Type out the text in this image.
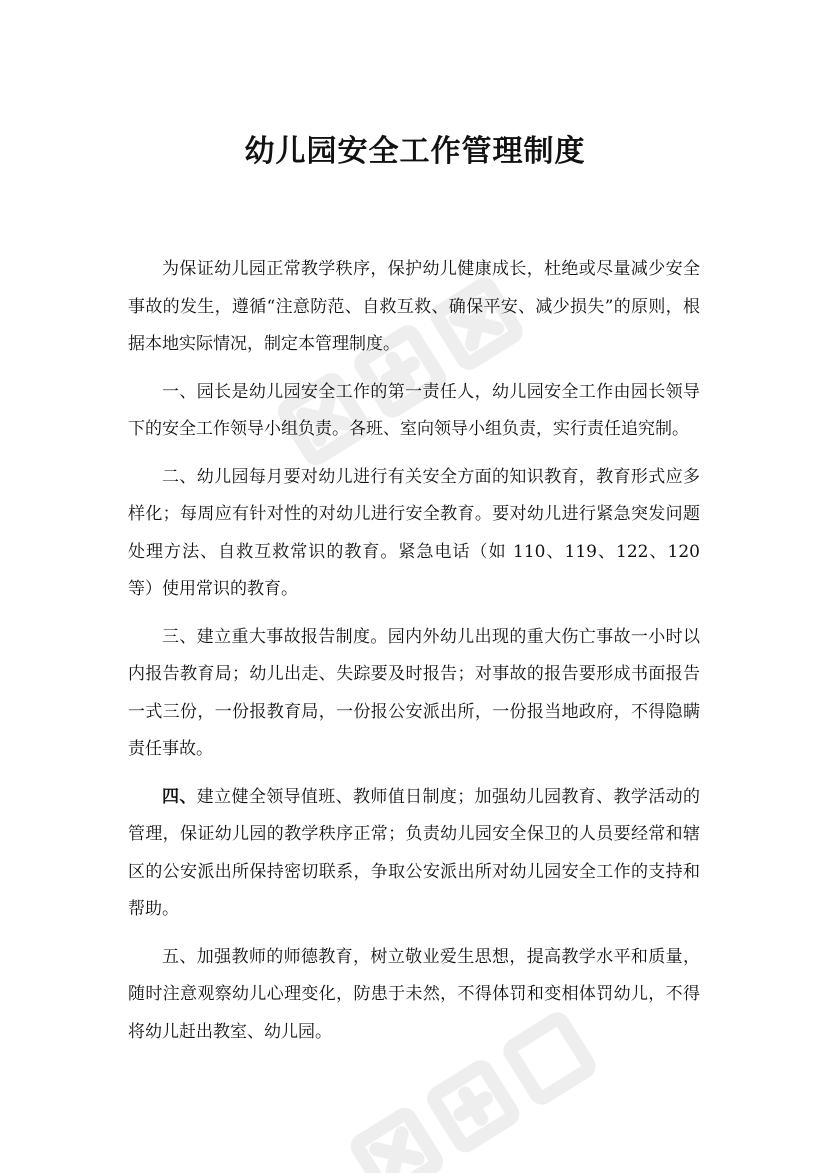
幼儿园安全工作管理制度

为保证幼儿园正常教学秩序，保护幼儿健康成长，杜绝或尽量减少安全事故的发生，遵循“注意防范、自救互救、确保平安、减少损失”的原则，根据本地实际情况，制定本管理制度。

一、园长是幼儿园安全工作的第一责任人，幼儿园安全工作由园长领导下的安全工作领导小组负责。各班、室向领导小组负责，实行责任追究制。

二、幼儿园每月要对幼儿进行有关安全方面的知识教育，教育形式应多样化；每周应有针对性的对幼儿进行安全教育。要对幼儿进行紧急突发问题处理方法、自救互救常识的教育。紧急电话（如 110、119、122、120 等）使用常识的教育。

三、建立重大事故报告制度。园内外幼儿出现的重大伤亡事故一小时以内报告教育局；幼儿出走、失踪要及时报告；对事故的报告要形成书面报告一式三份，一份报教育局，一份报公安派出所，一份报当地政府，不得隐瞒责任事故。

四、建立健全领导值班、教师值日制度；加强幼儿园教育、教学活动的管理，保证幼儿园的教学秩序正常；负责幼儿园安全保卫的人员要经常和辖区的公安派出所保持密切联系，争取公安派出所对幼儿园安全工作的支持和帮助。

五、加强教师的师德教育，树立敬业爱生思想，提高教学水平和质量，随时注意观察幼儿心理变化，防患于未然，不得体罚和变相体罚幼儿，不得将幼儿赶出教室、幼儿园。
